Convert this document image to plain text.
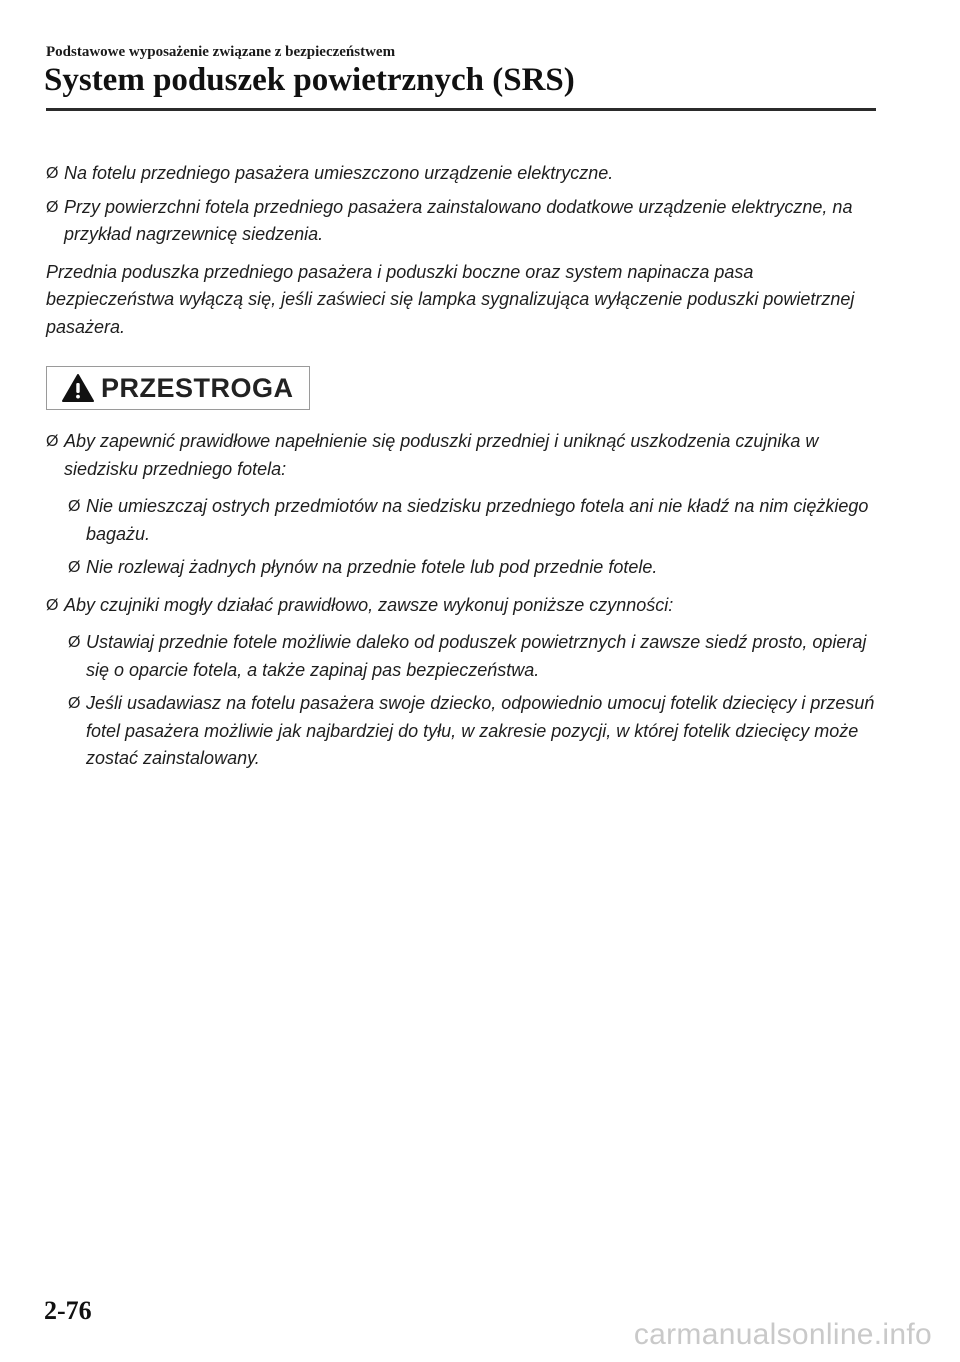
Podstawowe wyposażenie związane z bezpieczeństwem
System poduszek powietrznych (SRS)
Ø Na fotelu przedniego pasażera umieszczono urządzenie elektryczne.
Ø Przy powierzchni fotela przedniego pasażera zainstalowano dodatkowe urządzenie elektryczne, na przykład nagrzewnicę siedzenia.
Przednia poduszka przedniego pasażera i poduszki boczne oraz system napinacza pasa bezpieczeństwa wyłączą się, jeśli zaświeci się lampka sygnalizująca wyłączenie poduszki powietrznej pasażera.
PRZESTROGA
Ø Aby zapewnić prawidłowe napełnienie się poduszki przedniej i uniknąć uszkodzenia czujnika w siedzisku przedniego fotela:
Ø Nie umieszczaj ostrych przedmiotów na siedzisku przedniego fotela ani nie kładź na nim ciężkiego bagażu.
Ø Nie rozlewaj żadnych płynów na przednie fotele lub pod przednie fotele.
Ø Aby czujniki mogły działać prawidłowo, zawsze wykonuj poniższe czynności:
Ø Ustawiaj przednie fotele możliwie daleko od poduszek powietrznych i zawsze siedź prosto, opieraj się o oparcie fotela, a także zapinaj pas bezpieczeństwa.
Ø Jeśli usadawiasz na fotelu pasażera swoje dziecko, odpowiednio umocuj fotelik dziecięcy i przesuń fotel pasażera możliwie jak najbardziej do tyłu, w zakresie pozycji, w której fotelik dziecięcy może zostać zainstalowany.
2-76
carmanualsonline.info
